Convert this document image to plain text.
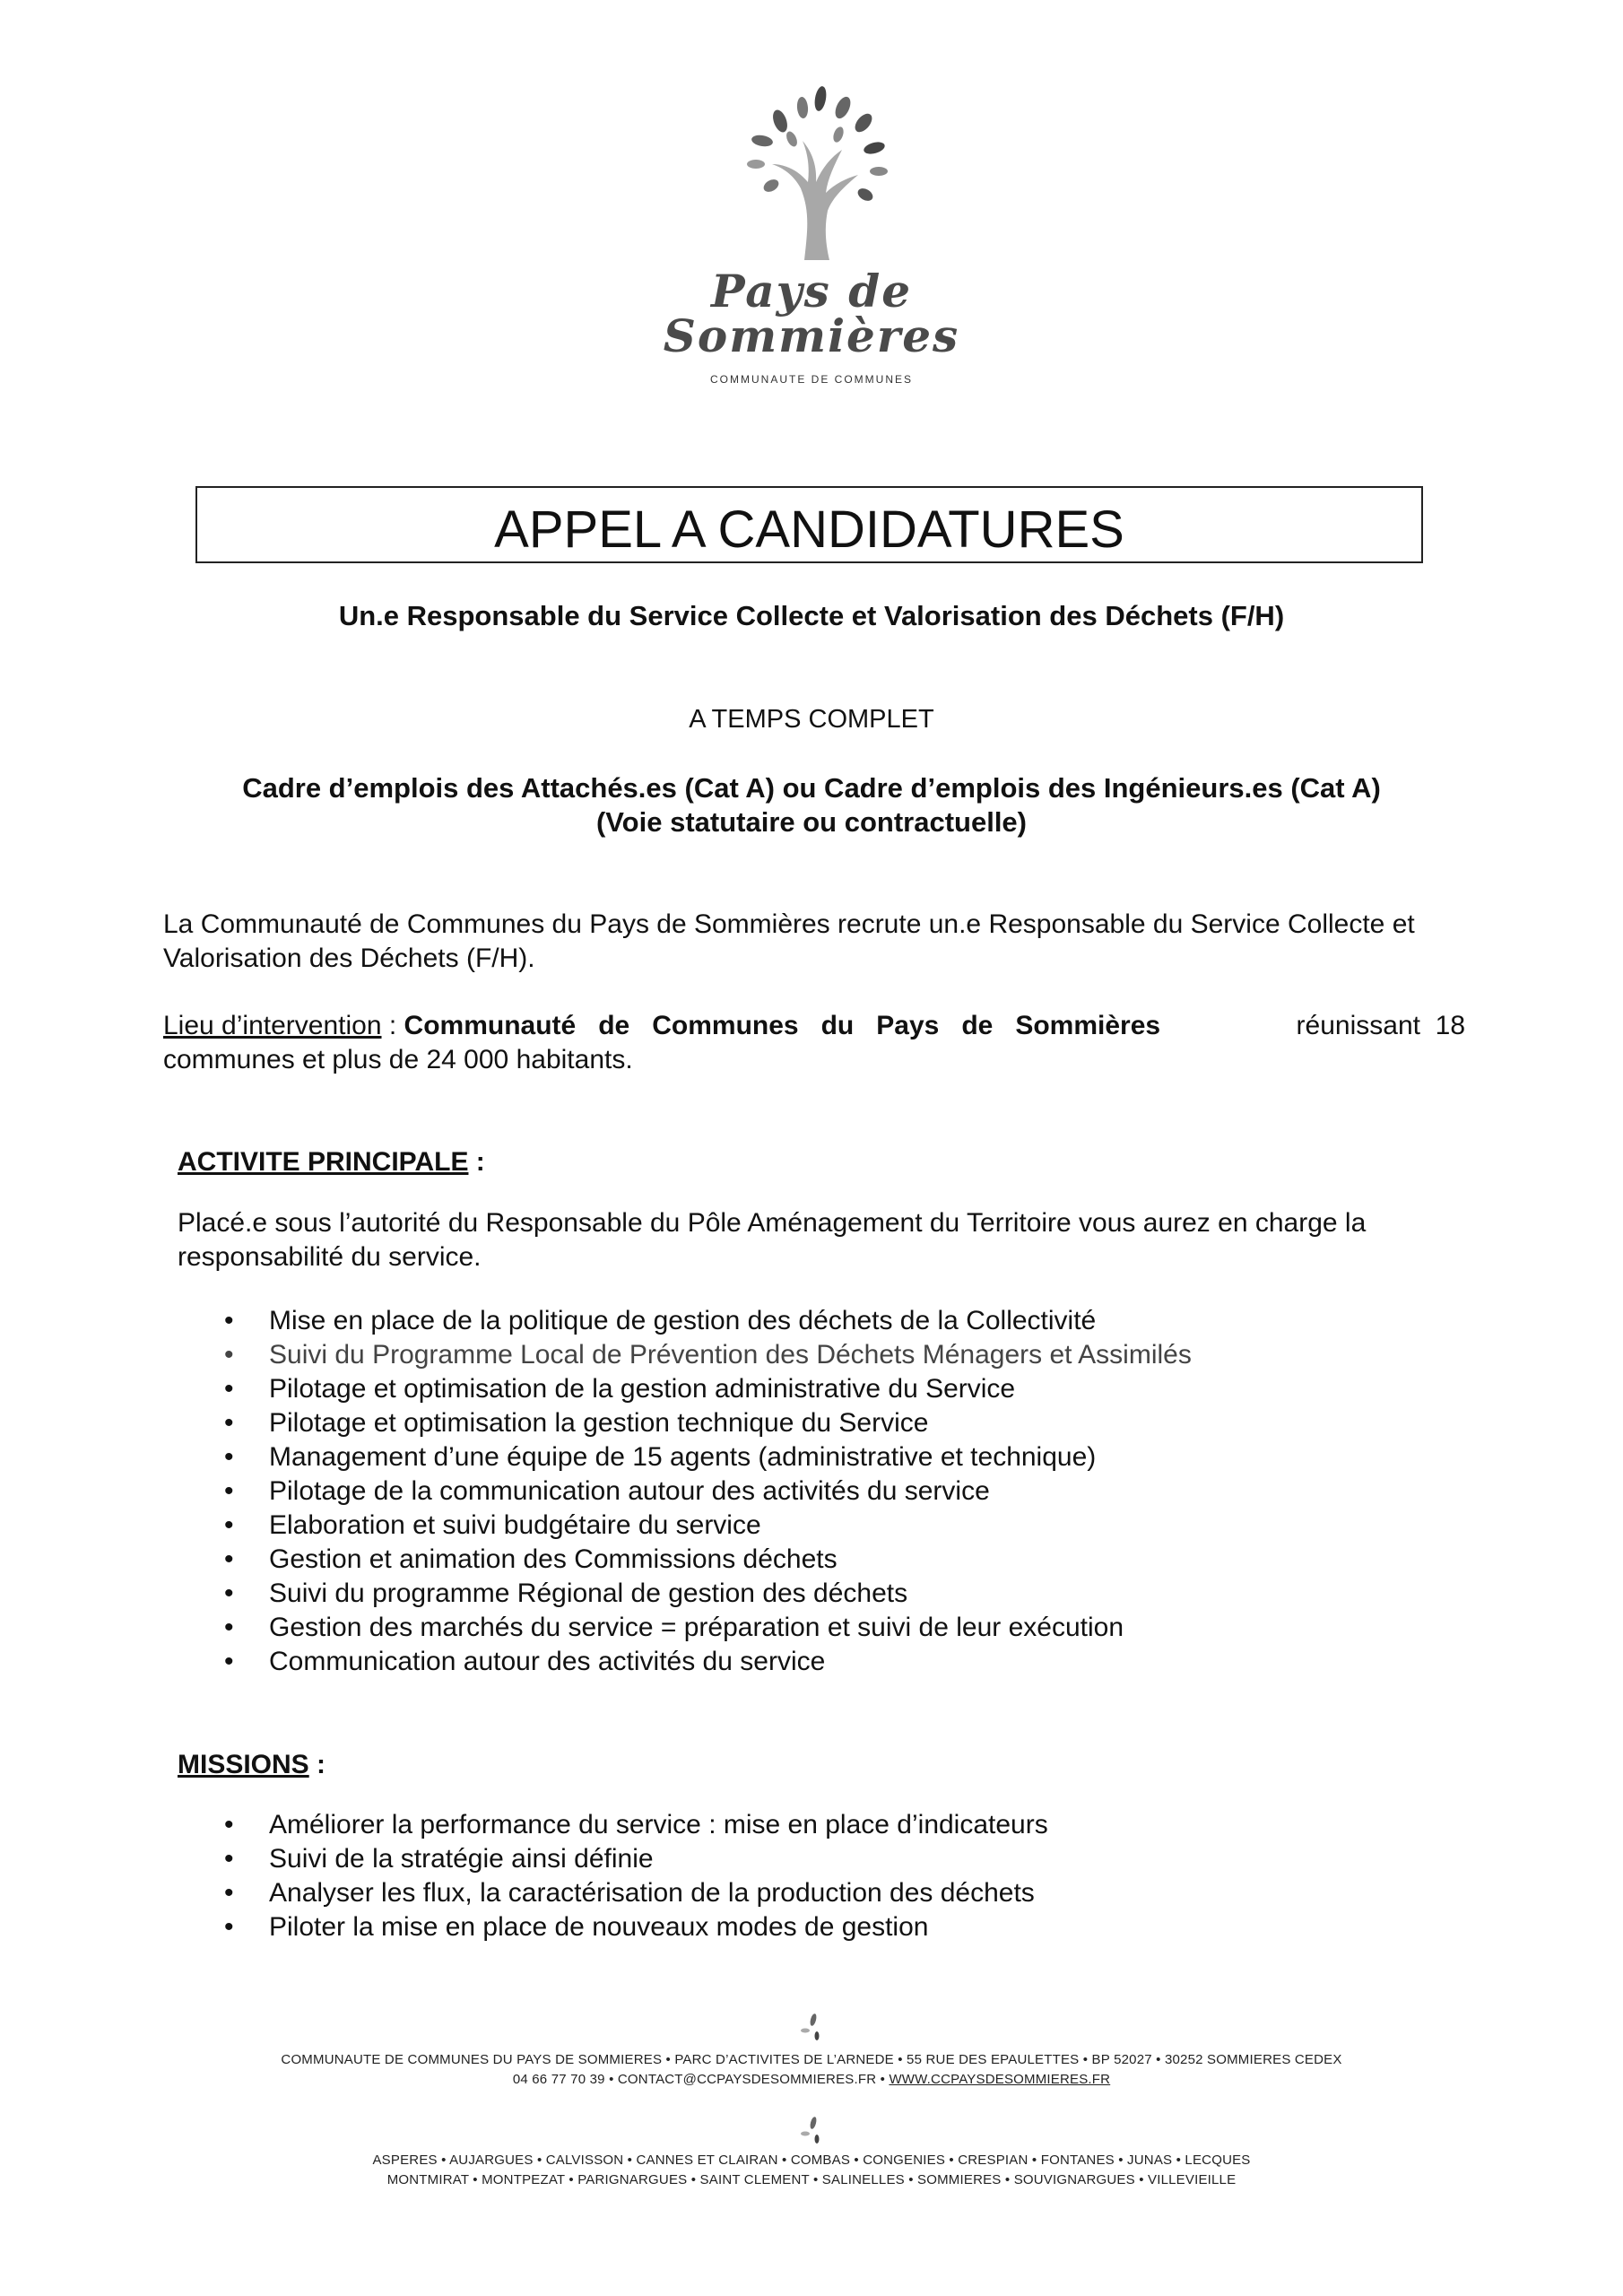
Pays de
Sommières
COMMUNAUTE DE COMMUNES
APPEL A CANDIDATURES
Un.e Responsable du Service Collecte et Valorisation des Déchets (F/H)
A TEMPS COMPLET
Cadre d’emplois des Attachés.es (Cat A) ou Cadre d’emplois des Ingénieurs.es (Cat A)
(Voie statutaire ou contractuelle)
La Communauté de Communes du Pays de Sommières recrute un.e Responsable du Service Collecte et
Valorisation des Déchets (F/H).
Lieu d’intervention : Communauté   de   Communes   du   Pays   de   Sommières	réunissant  18
communes et plus de 24 000 habitants.
ACTIVITE PRINCIPALE :
Placé.e sous l’autorité du Responsable du Pôle Aménagement du Territoire vous aurez en charge la
responsabilité du service.
• Mise en place de la politique de gestion des déchets de la Collectivité
• Suivi du Programme Local de Prévention des Déchets Ménagers et Assimilés
• Pilotage et optimisation de la gestion administrative du Service
• Pilotage et optimisation la gestion technique du Service
• Management d’une équipe de 15 agents (administrative et technique)
• Pilotage de la communication autour des activités du service
• Elaboration et suivi budgétaire du service
• Gestion et animation des Commissions déchets
• Suivi du programme Régional de gestion des déchets
• Gestion des marchés du service = préparation et suivi de leur exécution
• Communication autour des activités du service
MISSIONS :
• Améliorer la performance du service : mise en place d’indicateurs
• Suivi de la stratégie ainsi définie
• Analyser les flux, la caractérisation de la production des déchets
• Piloter la mise en place de nouveaux modes de gestion
COMMUNAUTE DE COMMUNES DU PAYS DE SOMMIERES • PARC D’ACTIVITES DE L’ARNEDE • 55 RUE DES EPAULETTES • BP 52027 • 30252 SOMMIERES CEDEX
04 66 77 70 39 • CONTACT@CCPAYSDESOMMIERES.FR • WWW.CCPAYSDESOMMIERES.FR
ASPERES • AUJARGUES • CALVISSON • CANNES ET CLAIRAN • COMBAS • CONGENIES • CRESPIAN • FONTANES • JUNAS • LECQUES
MONTMIRAT • MONTPEZAT • PARIGNARGUES • SAINT CLEMENT • SALINELLES • SOMMIERES • SOUVIGNARGUES • VILLEVIEILLE
